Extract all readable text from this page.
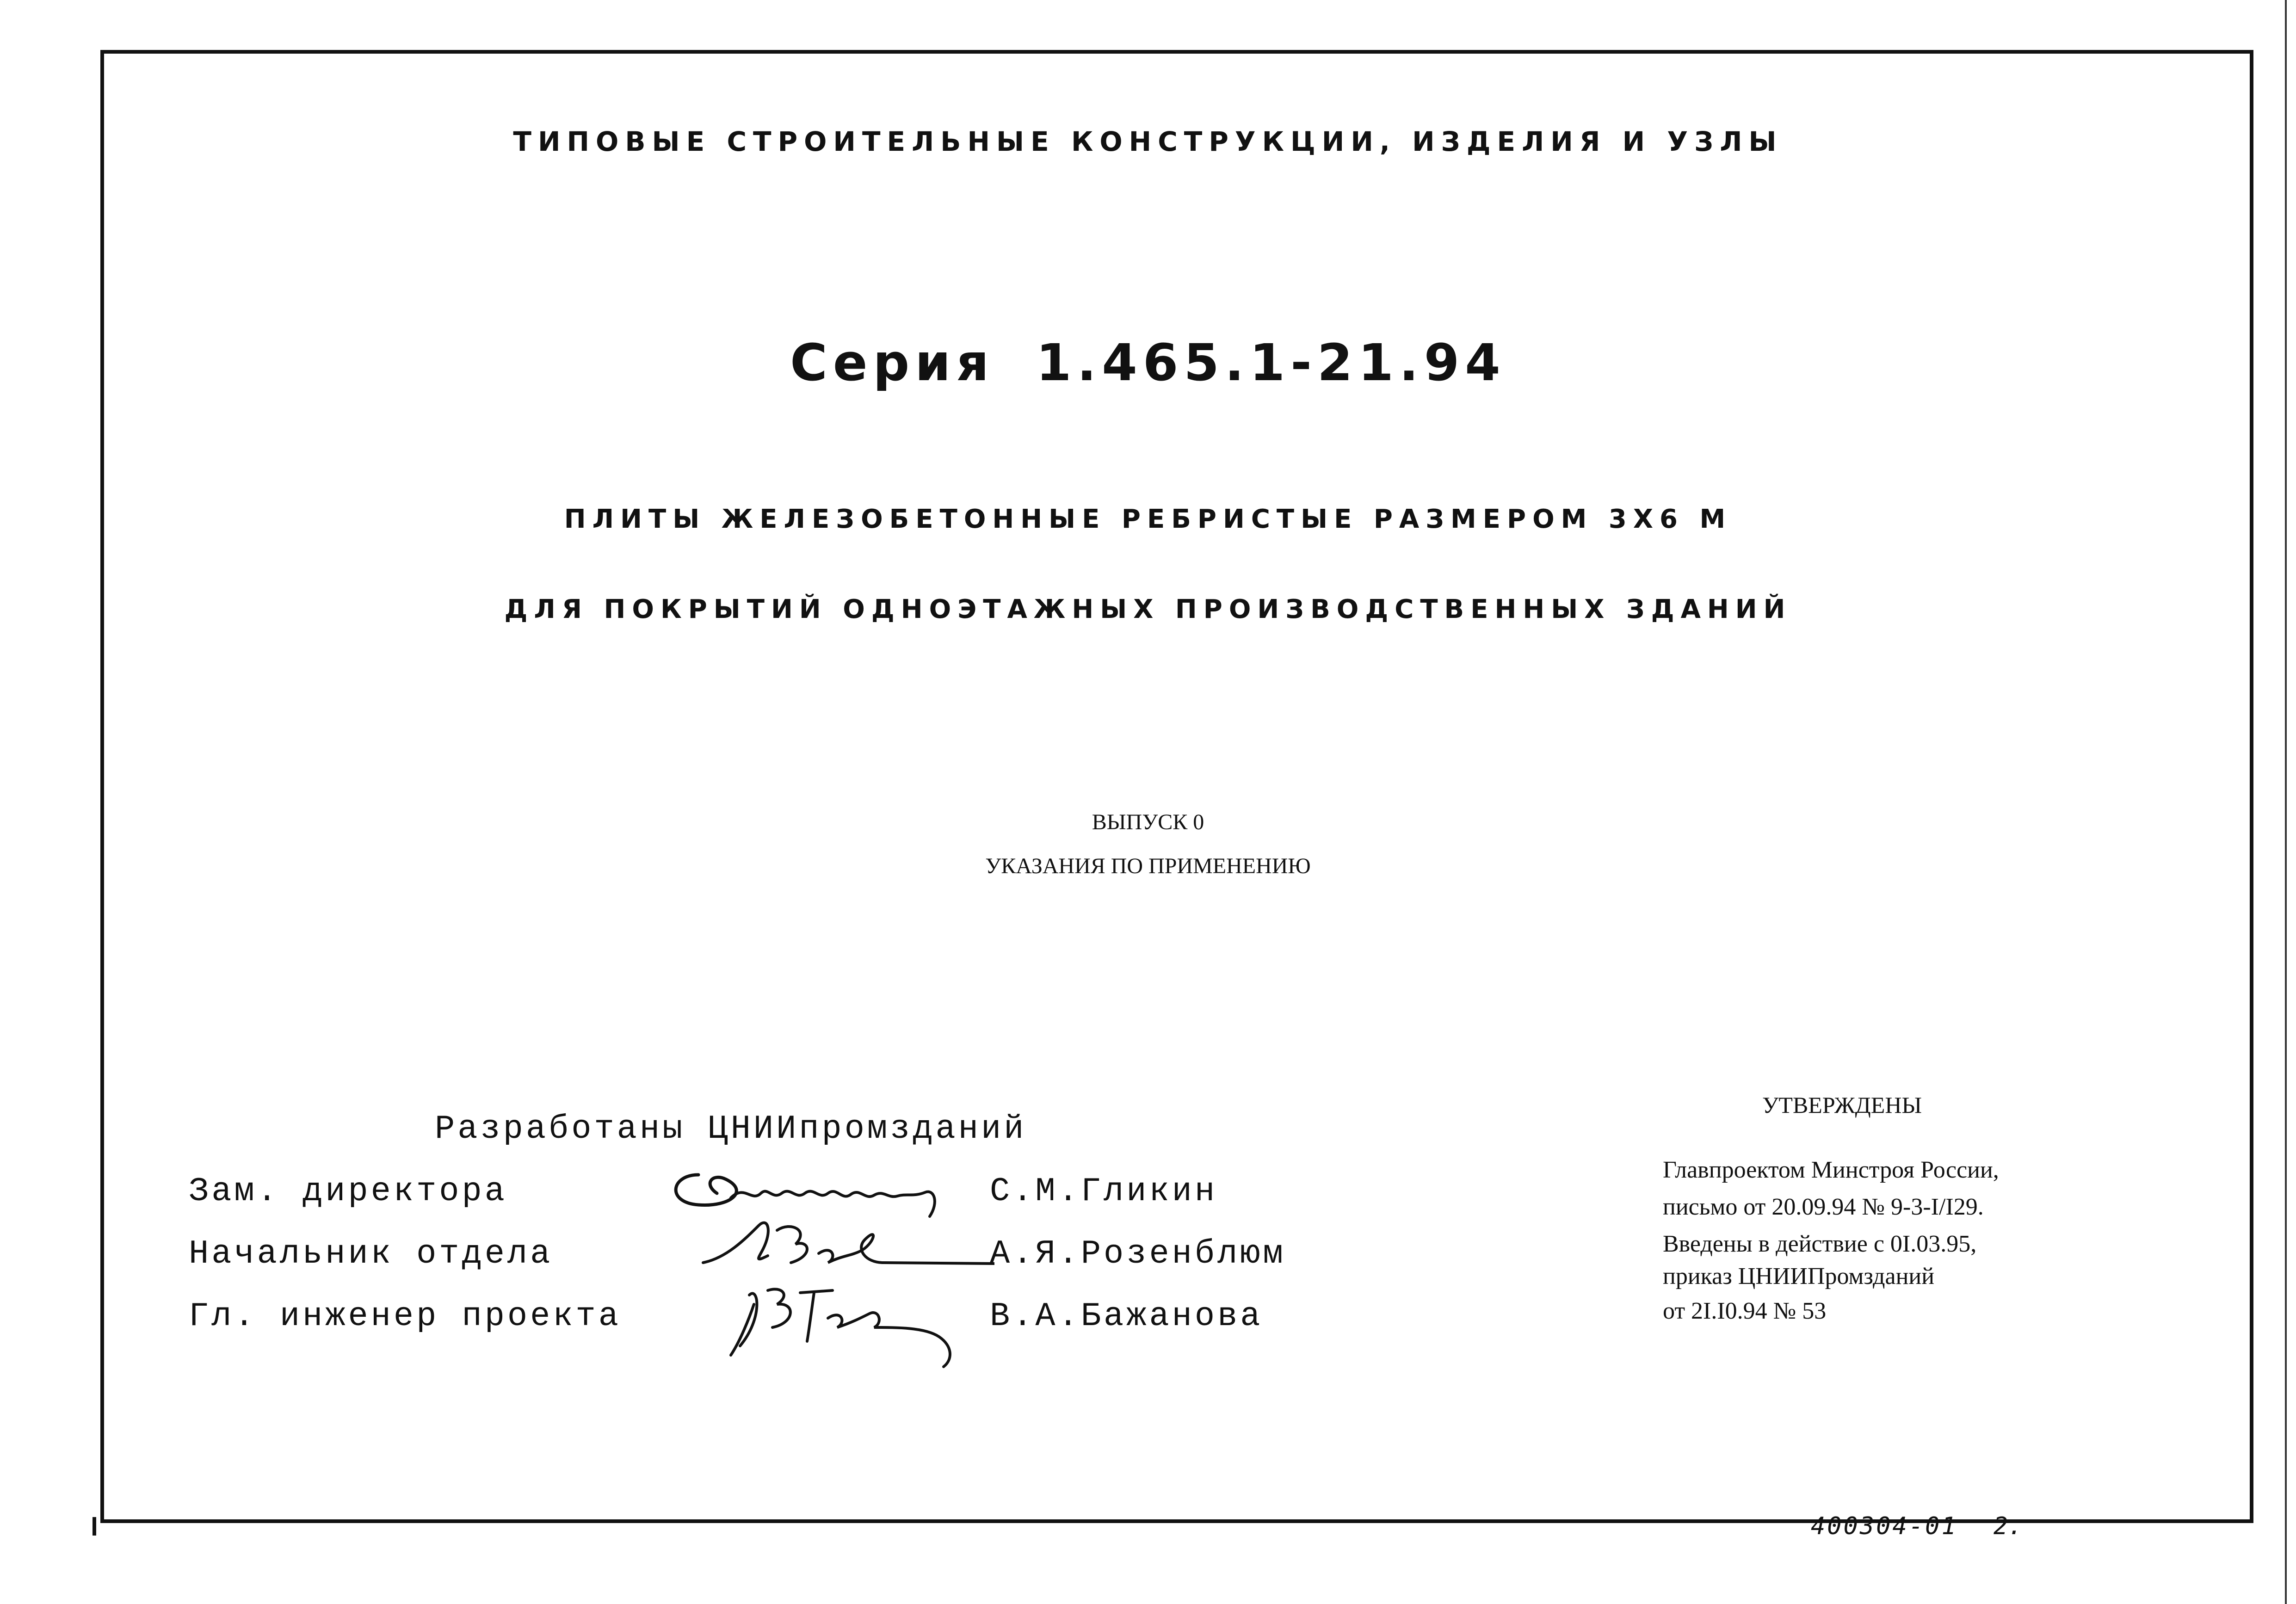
ТИПОВЫЕ СТРОИТЕЛЬНЫЕ КОНСТРУКЦИИ, ИЗДЕЛИЯ И УЗЛЫ
Серия 1.465.1-21.94
ПЛИТЫ ЖЕЛЕЗОБЕТОННЫЕ РЕБРИСТЫЕ РАЗМЕРОМ 3Х6 М
ДЛЯ ПОКРЫТИЙ ОДНОЭТАЖНЫХ ПРОИЗВОДСТВЕННЫХ ЗДАНИЙ
ВЫПУСК 0
УКАЗАНИЯ ПО ПРИМЕНЕНИЮ
Разработаны ЦНИИпромзданий
Зам. директора
Начальник отдела
Гл. инженер проекта
С.М.Гликин
А.Я.Розенблюм
В.А.Бажанова
УТВЕРЖДЕНЫ
Главпроектом Минстроя России,
письмо от 20.09.94 № 9-3-I/I29.
Введены в действие с 0I.03.95,
приказ ЦНИИПромзданий
от 2I.I0.94 № 53
400304-01 2.
